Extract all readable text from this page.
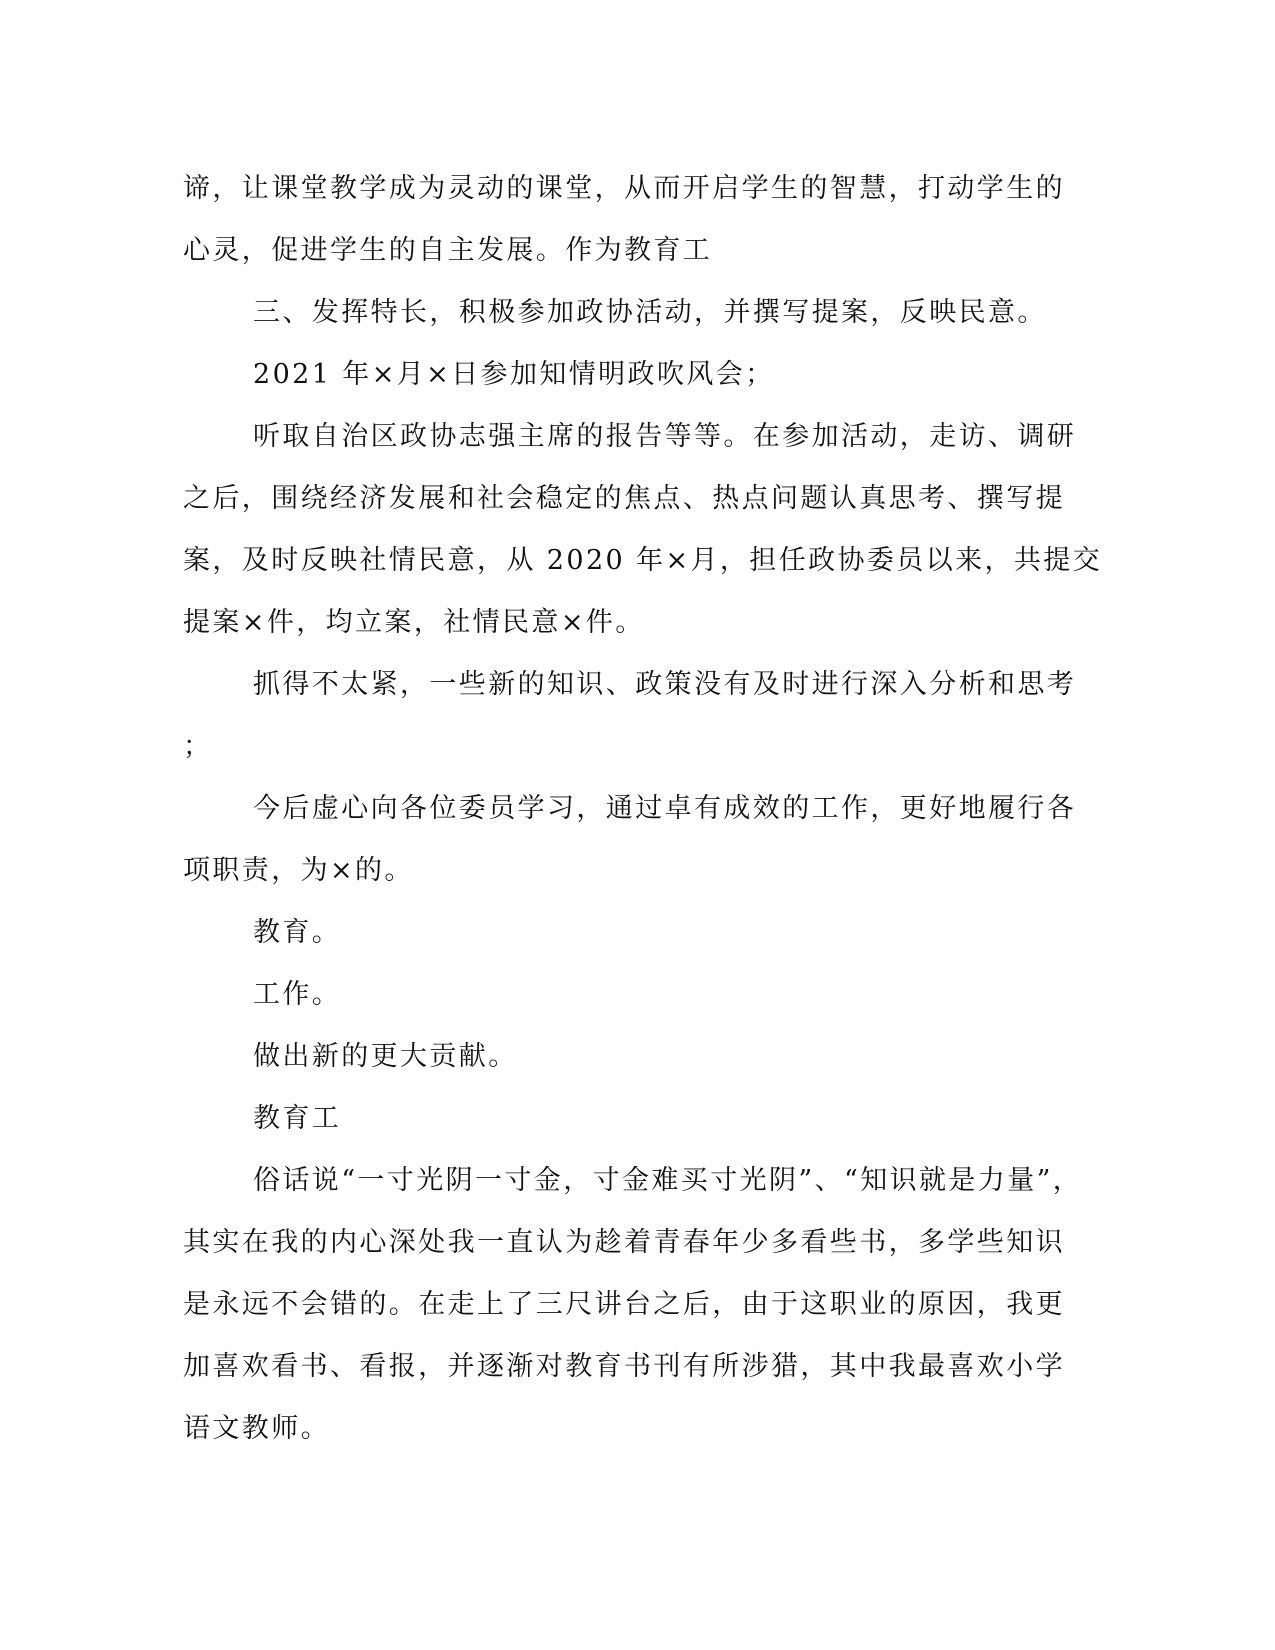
谛，让课堂教学成为灵动的课堂，从而开启学生的智慧，打动学生的
心灵，促进学生的自主发展。作为教育工
三、发挥特长，积极参加政协活动，并撰写提案，反映民意。
2021 年×月×日参加知情明政吹风会；
听取自治区政协志强主席的报告等等。在参加活动，走访、调研
之后，围绕经济发展和社会稳定的焦点、热点问题认真思考、撰写提
案，及时反映社情民意，从 2020 年×月，担任政协委员以来，共提交
提案×件，均立案，社情民意×件。
抓得不太紧，一些新的知识、政策没有及时进行深入分析和思考
；
今后虚心向各位委员学习，通过卓有成效的工作，更好地履行各
项职责，为×的。
教育。
工作。
做出新的更大贡献。
教育工
俗话说“一寸光阴一寸金，寸金难买寸光阴”、“知识就是力量”，
其实在我的内心深处我一直认为趁着青春年少多看些书，多学些知识
是永远不会错的。在走上了三尺讲台之后，由于这职业的原因，我更
加喜欢看书、看报，并逐渐对教育书刊有所涉猎，其中我最喜欢小学
语文教师。
